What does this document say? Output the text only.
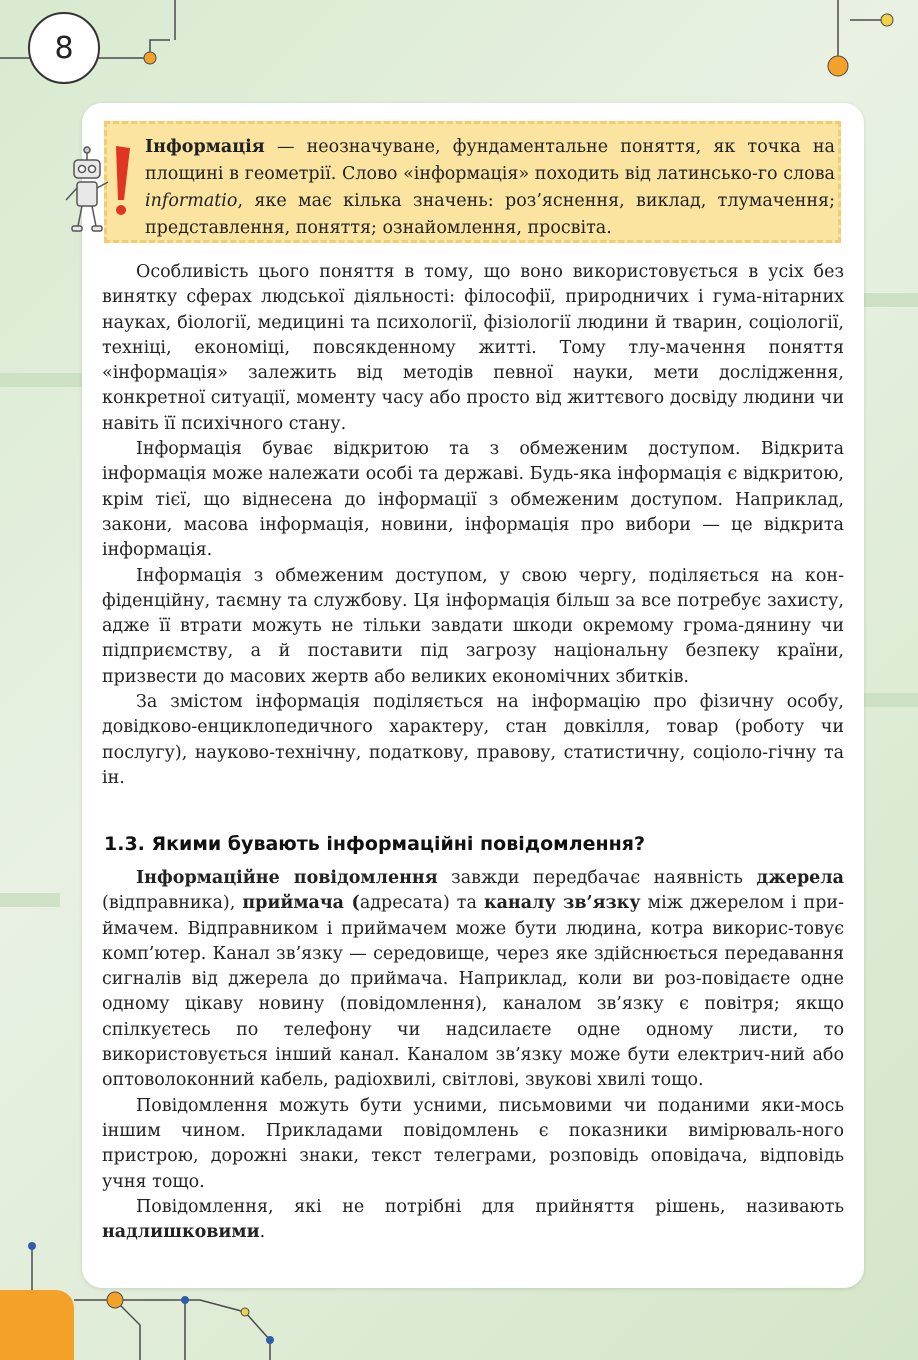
8
Інформація — неозначуване, фундаментальне поняття, як точка на площині в геометрії. Слово «інформація» походить від латинсько-го слова informatio, яке має кілька значень: роз’яснення, виклад, тлумачення; представлення, поняття; ознайомлення, просвіта.

Особливість цього поняття в тому, що воно використовується в усіх без винятку сферах людської діяльності: філософії, природничих і гума-нітарних науках, біології, медицині та психології, фізіології людини й тварин, соціології, техніці, економіці, повсякденному житті. Тому тлу-мачення поняття «інформація» залежить від методів певної науки, мети дослідження, конкретної ситуації, моменту часу або просто від життєвого досвіду людини чи навіть її психічного стану.

Інформація буває відкритою та з обмеженим доступом. Відкрита інформація може належати особі та державі. Будь-яка інформація є відкритою, крім тієї, що віднесена до інформації з обмеженим доступом. Наприклад, закони, масова інформація, новини, інформація про вибори — це відкрита інформація.

Інформація з обмеженим доступом, у свою чергу, поділяється на кон-фіденційну, таємну та службову. Ця інформація більш за все потребує захисту, адже її втрати можуть не тільки завдати шкоди окремому грома-дянину чи підприємству, а й поставити під загрозу національну безпеку країни, призвести до масових жертв або великих економічних збитків.

За змістом інформація поділяється на інформацію про фізичну особу, довідково-енциклопедичного характеру, стан довкілля, товар (роботу чи послугу), науково-технічну, податкову, правову, статистичну, соціоло-гічну та ін.

1.3. Якими бувають інформаційні повідомлення?

Інформаційне повідомлення завжди передбачає наявність джерела (відправника), приймача (адресата) та каналу зв’язку між джерелом і при-ймачем. Відправником і приймачем може бути людина, котра викорис-товує комп’ютер. Канал зв’язку — середовище, через яке здійснюється передавання сигналів від джерела до приймача. Наприклад, коли ви роз-повідаєте одне одному цікаву новину (повідомлення), каналом зв’язку є повітря; якщо спілкуєтесь по телефону чи надсилаєте одне одному листи, то використовується інший канал. Каналом зв’язку може бути електрич-ний або оптоволоконний кабель, радіохвилі, світлові, звукові хвилі тощо.

Повідомлення можуть бути усними, письмовими чи поданими яки-мось іншим чином. Прикладами повідомлень є показники вимірюваль-ного пристрою, дорожні знаки, текст телеграми, розповідь оповідача, відповідь учня тощо.

Повідомлення, які не потрібні для прийняття рішень, називають надлишковими.
